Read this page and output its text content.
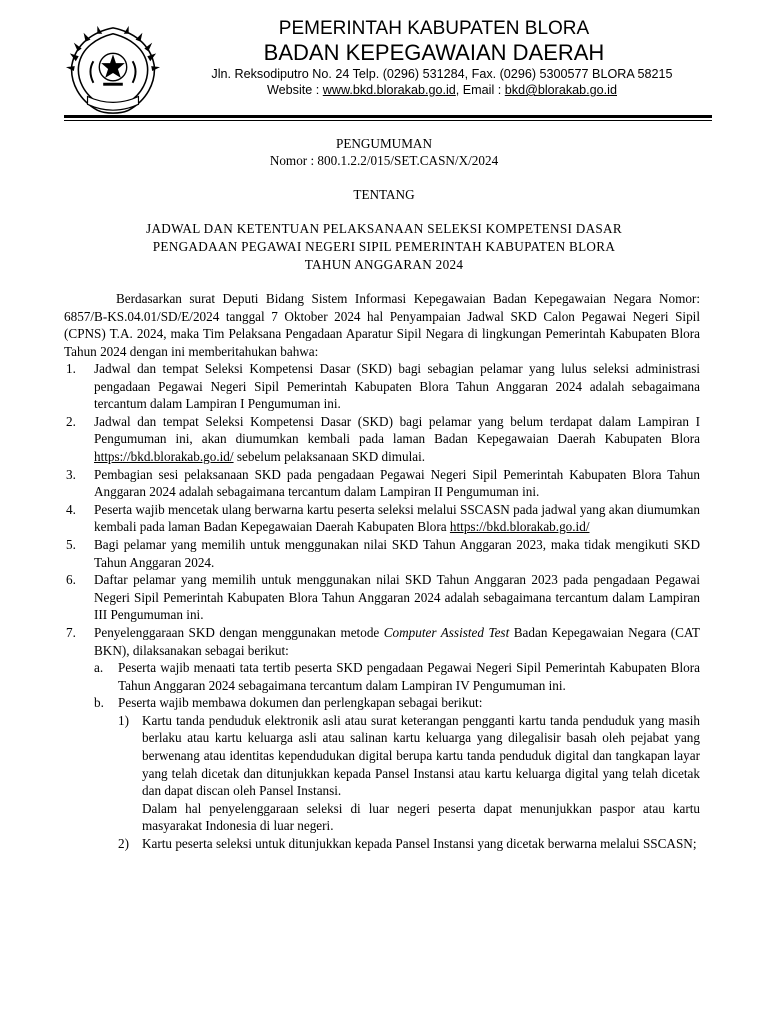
PEMERINTAH KABUPATEN BLORA
BADAN KEPEGAWAIAN DAERAH
Jln. Reksodiputro No. 24 Telp. (0296) 531284, Fax. (0296) 5300577 BLORA 58215
Website : www.bkd.blorakab.go.id, Email : bkd@blorakab.go.id
PENGUMUMAN
Nomor : 800.1.2.2/015/SET.CASN/X/2024
TENTANG
JADWAL DAN KETENTUAN PELAKSANAAN SELEKSI KOMPETENSI DASAR
PENGADAAN PEGAWAI NEGERI SIPIL PEMERINTAH KABUPATEN BLORA
TAHUN ANGGARAN 2024
Berdasarkan surat Deputi Bidang Sistem Informasi Kepegawaian Badan Kepegawaian Negara Nomor: 6857/B-KS.04.01/SD/E/2024 tanggal 7 Oktober 2024 hal Penyampaian Jadwal SKD Calon Pegawai Negeri Sipil (CPNS) T.A. 2024, maka Tim Pelaksana Pengadaan Aparatur Sipil Negara di lingkungan Pemerintah Kabupaten Blora Tahun 2024 dengan ini memberitahukan bahwa:
1. Jadwal dan tempat Seleksi Kompetensi Dasar (SKD) bagi sebagian pelamar yang lulus seleksi administrasi pengadaan Pegawai Negeri Sipil Pemerintah Kabupaten Blora Tahun Anggaran 2024 adalah sebagaimana tercantum dalam Lampiran I Pengumuman ini.
2. Jadwal dan tempat Seleksi Kompetensi Dasar (SKD) bagi pelamar yang belum terdapat dalam Lampiran I Pengumuman ini, akan diumumkan kembali pada laman Badan Kepegawaian Daerah Kabupaten Blora https://bkd.blorakab.go.id/ sebelum pelaksanaan SKD dimulai.
3. Pembagian sesi pelaksanaan SKD pada pengadaan Pegawai Negeri Sipil Pemerintah Kabupaten Blora Tahun Anggaran 2024 adalah sebagaimana tercantum dalam Lampiran II Pengumuman ini.
4. Peserta wajib mencetak ulang berwarna kartu peserta seleksi melalui SSCASN pada jadwal yang akan diumumkan kembali pada laman Badan Kepegawaian Daerah Kabupaten Blora https://bkd.blorakab.go.id/
5. Bagi pelamar yang memilih untuk menggunakan nilai SKD Tahun Anggaran 2023, maka tidak mengikuti SKD Tahun Anggaran 2024.
6. Daftar pelamar yang memilih untuk menggunakan nilai SKD Tahun Anggaran 2023 pada pengadaan Pegawai Negeri Sipil Pemerintah Kabupaten Blora Tahun Anggaran 2024 adalah sebagaimana tercantum dalam Lampiran III Pengumuman ini.
7. Penyelenggaraan SKD dengan menggunakan metode Computer Assisted Test Badan Kepegawaian Negara (CAT BKN), dilaksanakan sebagai berikut:
a. Peserta wajib menaati tata tertib peserta SKD pengadaan Pegawai Negeri Sipil Pemerintah Kabupaten Blora Tahun Anggaran 2024 sebagaimana tercantum dalam Lampiran IV Pengumuman ini.
b. Peserta wajib membawa dokumen dan perlengkapan sebagai berikut:
1) Kartu tanda penduduk elektronik asli atau surat keterangan pengganti kartu tanda penduduk yang masih berlaku atau kartu keluarga asli atau salinan kartu keluarga yang dilegalisir basah oleh pejabat yang berwenang atau identitas kependudukan digital berupa kartu tanda penduduk digital dan tangkapan layar yang telah dicetak dan ditunjukkan kepada Pansel Instansi atau kartu keluarga digital yang telah dicetak dan dapat discan oleh Pansel Instansi.
Dalam hal penyelenggaraan seleksi di luar negeri peserta dapat menunjukkan paspor atau kartu masyarakat Indonesia di luar negeri.
2) Kartu peserta seleksi untuk ditunjukkan kepada Pansel Instansi yang dicetak berwarna melalui SSCASN;
